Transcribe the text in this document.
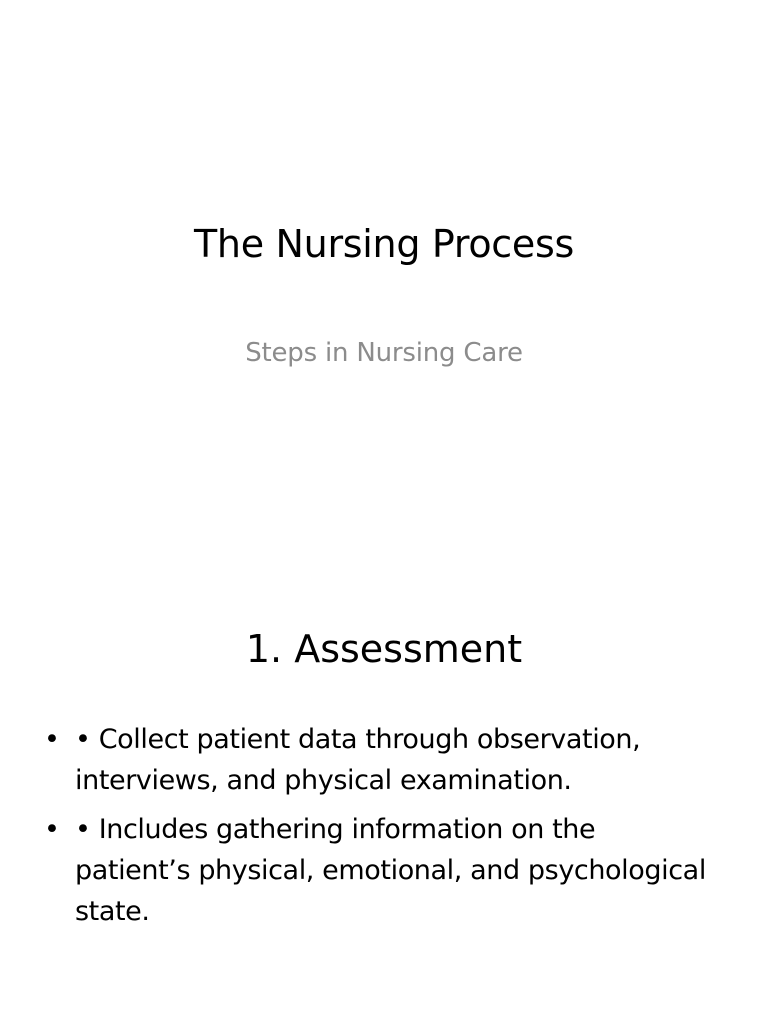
The Nursing Process

Steps in Nursing Care

1. Assessment
• • Collect patient data through observation, interviews, and physical examination.
• • Includes gathering information on the patient’s physical, emotional, and psychological state.
